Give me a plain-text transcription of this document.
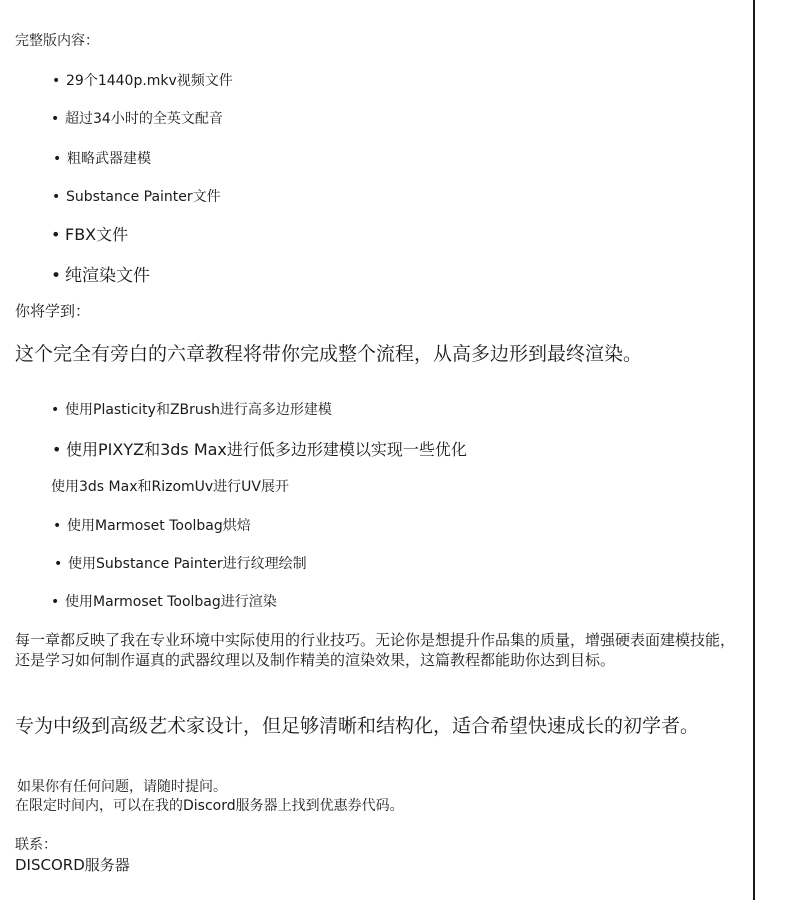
完整版内容：
• 29个1440p.mkv视频文件
• 超过34小时的全英文配音
• 粗略武器建模
• Substance Painter文件
• FBX文件
• 纯渲染文件
你将学到：
这个完全有旁白的六章教程将带你完成整个流程，从高多边形到最终渲染。
• 使用Plasticity和ZBrush进行高多边形建模
• 使用PIXYZ和3ds Max进行低多边形建模以实现一些优化
使用3ds Max和RizomUv进行UV展开
• 使用Marmoset Toolbag烘焙
• 使用Substance Painter进行纹理绘制
• 使用Marmoset Toolbag进行渲染
每一章都反映了我在专业环境中实际使用的行业技巧。无论你是想提升作品集的质量，增强硬表面建模技能，还是学习如何制作逼真的武器纹理以及制作精美的渲染效果，这篇教程都能助你达到目标。
专为中级到高级艺术家设计，但足够清晰和结构化，适合希望快速成长的初学者。
如果你有任何问题，请随时提问。
在限定时间内，可以在我的Discord服务器上找到优惠券代码。
联系：
DISCORD服务器
